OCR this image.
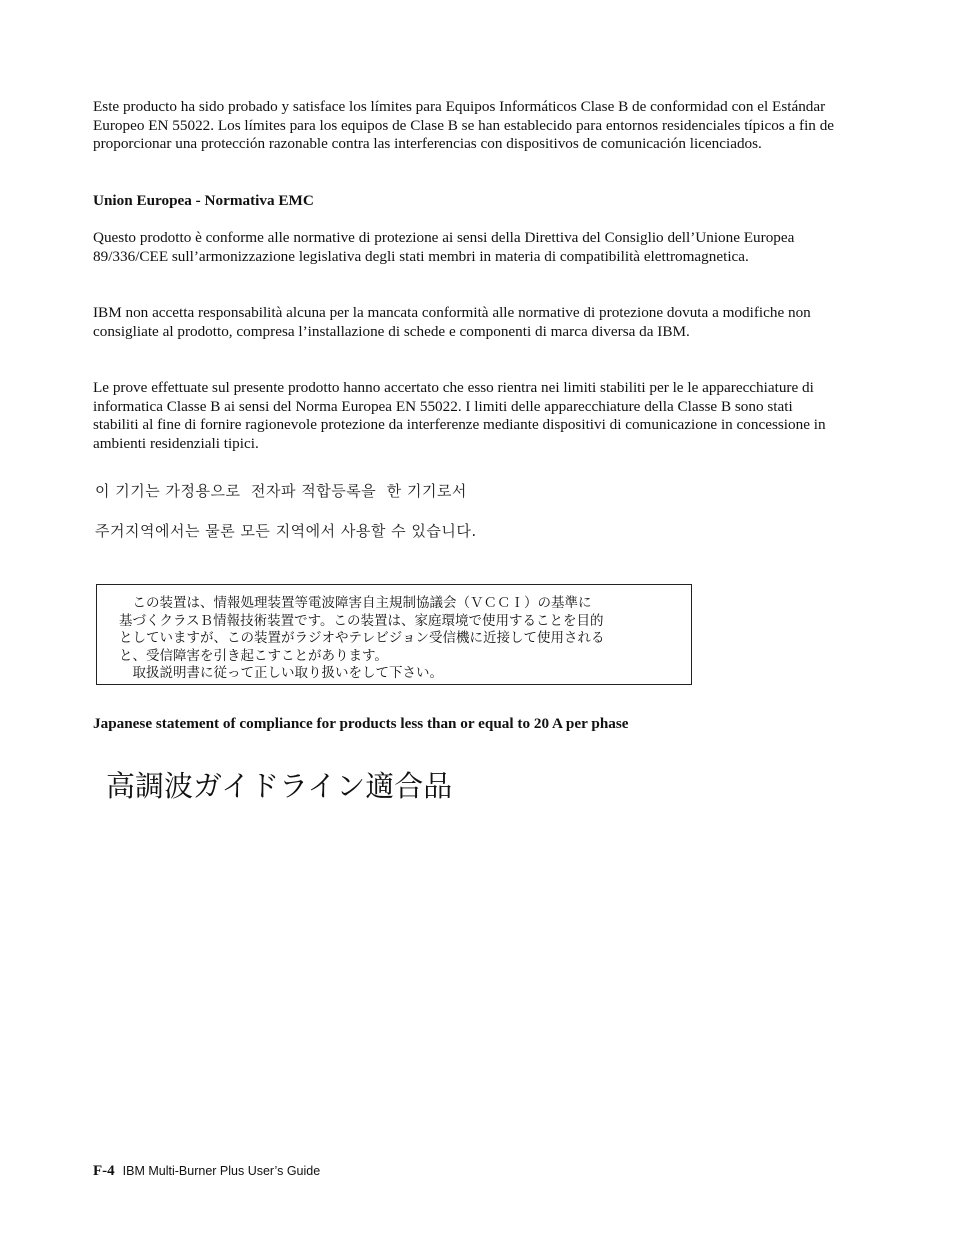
Este producto ha sido probado y satisface los límites para Equipos Informáticos Clase B de conformidad con el Estándar Europeo EN 55022. Los límites para los equipos de Clase B se han establecido para entornos residenciales típicos a fin de proporcionar una protección razonable contra las interferencias con dispositivos de comunicación licenciados.

Union Europea - Normativa EMC

Questo prodotto è conforme alle normative di protezione ai sensi della Direttiva del Consiglio dell’Unione Europea 89/336/CEE sull’armonizzazione legislativa degli stati membri in materia di compatibilità elettromagnetica.

IBM non accetta responsabilità alcuna per la mancata conformità alle normative di protezione dovuta a modifiche non consigliate al prodotto, compresa l’installazione di schede e componenti di marca diversa da IBM.

Le prove effettuate sul presente prodotto hanno accertato che esso rientra nei limiti stabiliti per le le apparecchiature di informatica Classe B ai sensi del Norma Europea EN 55022. I limiti delle apparecchiature della Classe B sono stati stabiliti al fine di fornire ragionevole protezione da interferenze mediante dispositivi di comunicazione in concessione in ambienti residenziali tipici.

이 기기는 가정용으로  전자파 적합등록을  한 기기로서

주거지역에서는 물론 모든 지역에서 사용할 수 있습니다.

　この装置は、情報処理装置等電波障害自主規制協議会（ＶＣＣＩ）の基準に
基づくクラスＢ情報技術装置です。この装置は、家庭環境で使用することを目的
としていますが、この装置がラジオやテレビジョン受信機に近接して使用される
と、受信障害を引き起こすことがあります。
　取扱説明書に従って正しい取り扱いをして下さい。

Japanese statement of compliance for products less than or equal to 20 A per phase

高調波ガイドライン適合品

F-4 IBM Multi-Burner Plus User’s Guide
